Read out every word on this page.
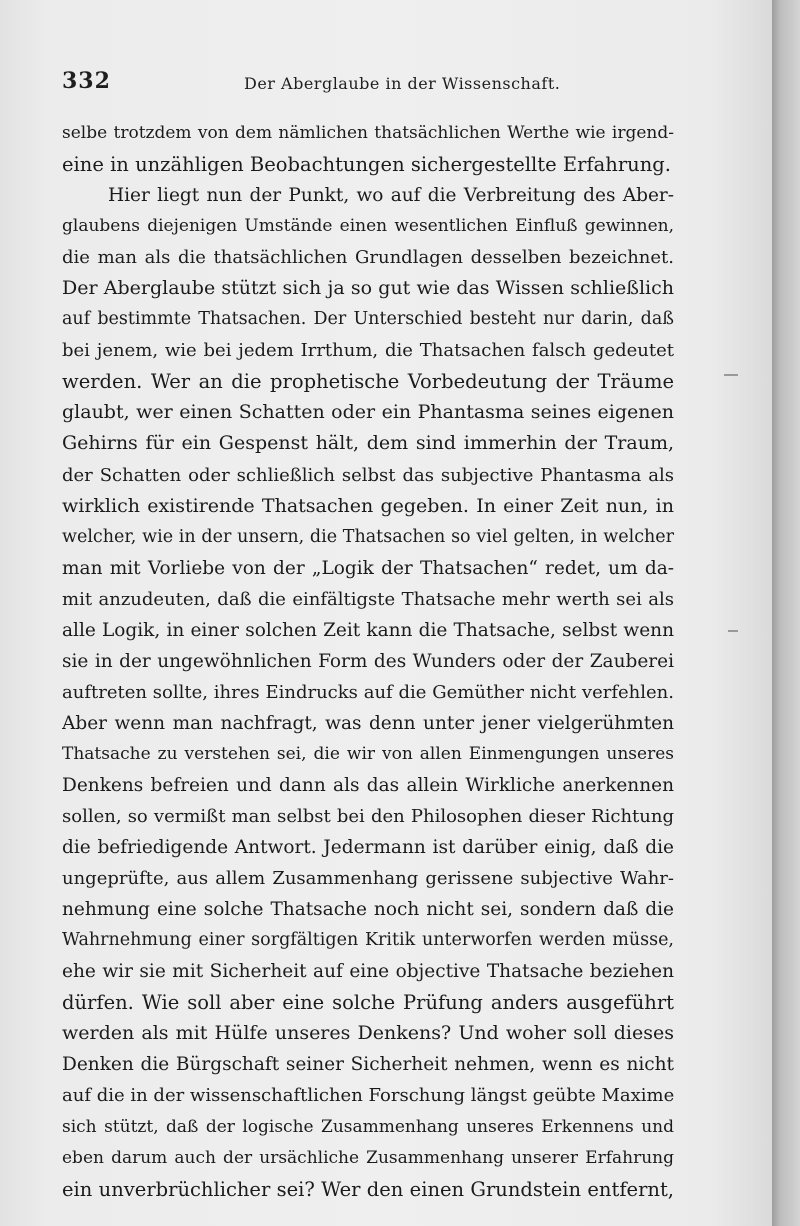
332	Der Aberglaube in der Wissenschaft.
selbe trotzdem von dem nämlichen thatsächlichen Werthe wie irgend-
eine in unzähligen Beobachtungen sichergestellte Erfahrung.
Hier liegt nun der Punkt, wo auf die Verbreitung des Aber-
glaubens diejenigen Umstände einen wesentlichen Einfluß gewinnen,
die man als die thatsächlichen Grundlagen desselben bezeichnet.
Der Aberglaube stützt sich ja so gut wie das Wissen schließlich
auf bestimmte Thatsachen. Der Unterschied besteht nur darin, daß
bei jenem, wie bei jedem Irrthum, die Thatsachen falsch gedeutet
werden. Wer an die prophetische Vorbedeutung der Träume
glaubt, wer einen Schatten oder ein Phantasma seines eigenen
Gehirns für ein Gespenst hält, dem sind immerhin der Traum,
der Schatten oder schließlich selbst das subjective Phantasma als
wirklich existirende Thatsachen gegeben. In einer Zeit nun, in
welcher, wie in der unsern, die Thatsachen so viel gelten, in welcher
man mit Vorliebe von der „Logik der Thatsachen“ redet, um da-
mit anzudeuten, daß die einfältigste Thatsache mehr werth sei als
alle Logik, in einer solchen Zeit kann die Thatsache, selbst wenn
sie in der ungewöhnlichen Form des Wunders oder der Zauberei
auftreten sollte, ihres Eindrucks auf die Gemüther nicht verfehlen.
Aber wenn man nachfragt, was denn unter jener vielgerühmten
Thatsache zu verstehen sei, die wir von allen Einmengungen unseres
Denkens befreien und dann als das allein Wirkliche anerkennen
sollen, so vermißt man selbst bei den Philosophen dieser Richtung
die befriedigende Antwort. Jedermann ist darüber einig, daß die
ungeprüfte, aus allem Zusammenhang gerissene subjective Wahr-
nehmung eine solche Thatsache noch nicht sei, sondern daß die
Wahrnehmung einer sorgfältigen Kritik unterworfen werden müsse,
ehe wir sie mit Sicherheit auf eine objective Thatsache beziehen
dürfen. Wie soll aber eine solche Prüfung anders ausgeführt
werden als mit Hülfe unseres Denkens? Und woher soll dieses
Denken die Bürgschaft seiner Sicherheit nehmen, wenn es nicht
auf die in der wissenschaftlichen Forschung längst geübte Maxime
sich stützt, daß der logische Zusammenhang unseres Erkennens und
eben darum auch der ursächliche Zusammenhang unserer Erfahrung
ein unverbrüchlicher sei? Wer den einen Grundstein entfernt,
